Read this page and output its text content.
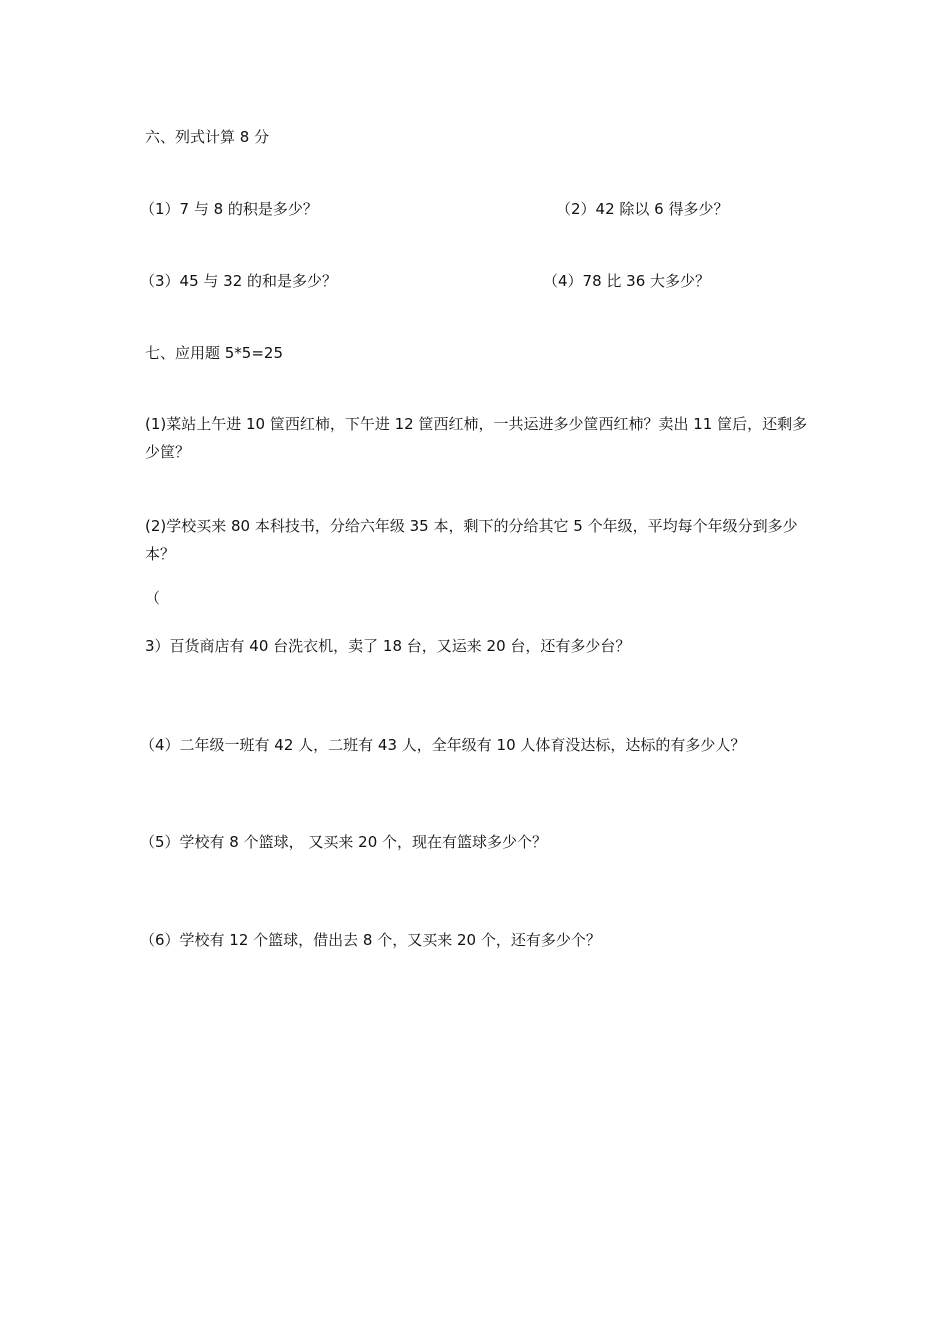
六、列式计算 8 分
（1）7 与 8 的积是多少？	（2）42 除以 6 得多少？
（3）45 与 32 的和是多少？	（4）78 比 36 大多少？
七、应用题 5*5=25
(1)菜站上午进 10 筐西红柿，下午进 12 筐西红柿，一共运进多少筐西红柿？卖出 11 筐后，还剩多少筐？
(2)学校买来 80 本科技书，分给六年级 35 本，剩下的分给其它 5 个年级，平均每个年级分到多少本？
（
3）百货商店有 40 台洗衣机，卖了 18 台，又运来 20 台，还有多少台？
（4）二年级一班有 42 人，二班有 43 人，全年级有 10 人体育没达标，达标的有多少人？
（5）学校有 8 个篮球， 又买来 20 个，现在有篮球多少个？
（6）学校有 12 个篮球，借出去 8 个，又买来 20 个，还有多少个？
